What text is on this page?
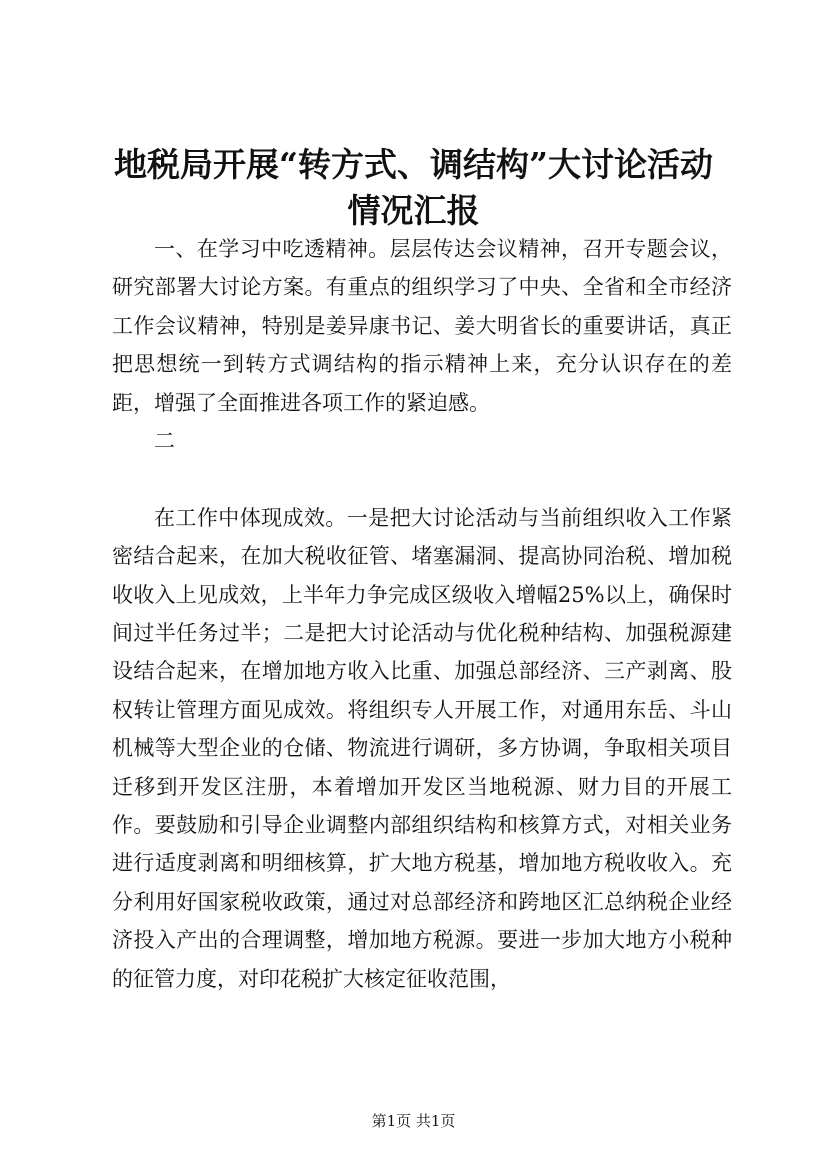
地税局开展“转方式、调结构”大讨论活动情况汇报

一、在学习中吃透精神。层层传达会议精神，召开专题会议，研究部署大讨论方案。有重点的组织学习了中央、全省和全市经济工作会议精神，特别是姜异康书记、姜大明省长的重要讲话，真正把思想统一到转方式调结构的指示精神上来，充分认识存在的差距，增强了全面推进各项工作的紧迫感。

二

在工作中体现成效。一是把大讨论活动与当前组织收入工作紧密结合起来，在加大税收征管、堵塞漏洞、提高协同治税、增加税收收入上见成效，上半年力争完成区级收入增幅25%以上，确保时间过半任务过半；二是把大讨论活动与优化税种结构、加强税源建设结合起来，在增加地方收入比重、加强总部经济、三产剥离、股权转让管理方面见成效。将组织专人开展工作，对通用东岳、斗山机械等大型企业的仓储、物流进行调研，多方协调，争取相关项目迁移到开发区注册，本着增加开发区当地税源、财力目的开展工作。要鼓励和引导企业调整内部组织结构和核算方式，对相关业务进行适度剥离和明细核算，扩大地方税基，增加地方税收收入。充分利用好国家税收政策，通过对总部经济和跨地区汇总纳税企业经济投入产出的合理调整，增加地方税源。要进一步加大地方小税种的征管力度，对印花税扩大核定征收范围，

第1页 共1页
